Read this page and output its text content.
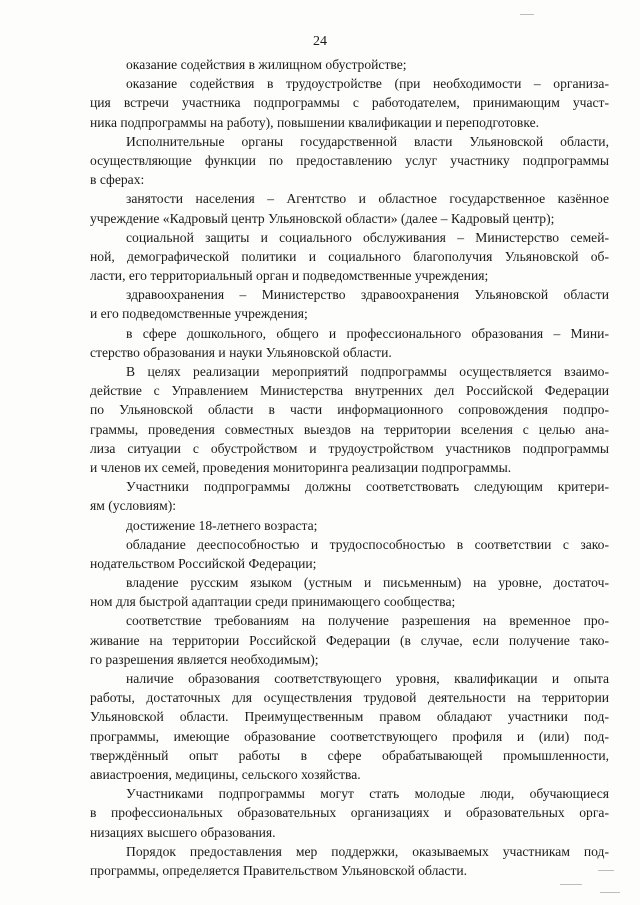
24
оказание содействия в жилищном обустройстве;
оказание содействия в трудоустройстве (при необходимости – организа-
ция встречи участника подпрограммы с работодателем, принимающим участ-
ника подпрограммы на работу), повышении квалификации и переподготовке.
Исполнительные органы государственной власти Ульяновской области,
осуществляющие функции по предоставлению услуг участнику подпрограммы
в сферах:
занятости населения – Агентство и областное государственное казённое
учреждение «Кадровый центр Ульяновской области» (далее – Кадровый центр);
социальной защиты и социального обслуживания – Министерство семей-
ной, демографической политики и социального благополучия Ульяновской об-
ласти, его территориальный орган и подведомственные учреждения;
здравоохранения – Министерство здравоохранения Ульяновской области
и его подведомственные учреждения;
в сфере дошкольного, общего и профессионального образования – Мини-
стерство образования и науки Ульяновской области.
В целях реализации мероприятий подпрограммы осуществляется взаимо-
действие с Управлением Министерства внутренних дел Российской Федерации
по Ульяновской области в части информационного сопровождения подпро-
граммы, проведения совместных выездов на территории вселения с целью ана-
лиза ситуации с обустройством и трудоустройством участников подпрограммы
и членов их семей, проведения мониторинга реализации подпрограммы.
Участники подпрограммы должны соответствовать следующим критери-
ям (условиям):
достижение 18-летнего возраста;
обладание дееспособностью и трудоспособностью в соответствии с зако-
нодательством Российской Федерации;
владение русским языком (устным и письменным) на уровне, достаточ-
ном для быстрой адаптации среди принимающего сообщества;
соответствие требованиям на получение разрешения на временное про-
живание на территории Российской Федерации (в случае, если получение тако-
го разрешения является необходимым);
наличие образования соответствующего уровня, квалификации и опыта
работы, достаточных для осуществления трудовой деятельности на территории
Ульяновской области. Преимущественным правом обладают участники под-
программы, имеющие образование соответствующего профиля и (или) под-
тверждённый опыт работы в сфере обрабатывающей промышленности,
авиастроения, медицины, сельского хозяйства.
Участниками подпрограммы могут стать молодые люди, обучающиеся
в профессиональных образовательных организациях и образовательных орга-
низациях высшего образования.
Порядок предоставления мер поддержки, оказываемых участникам под-
программы, определяется Правительством Ульяновской области.
